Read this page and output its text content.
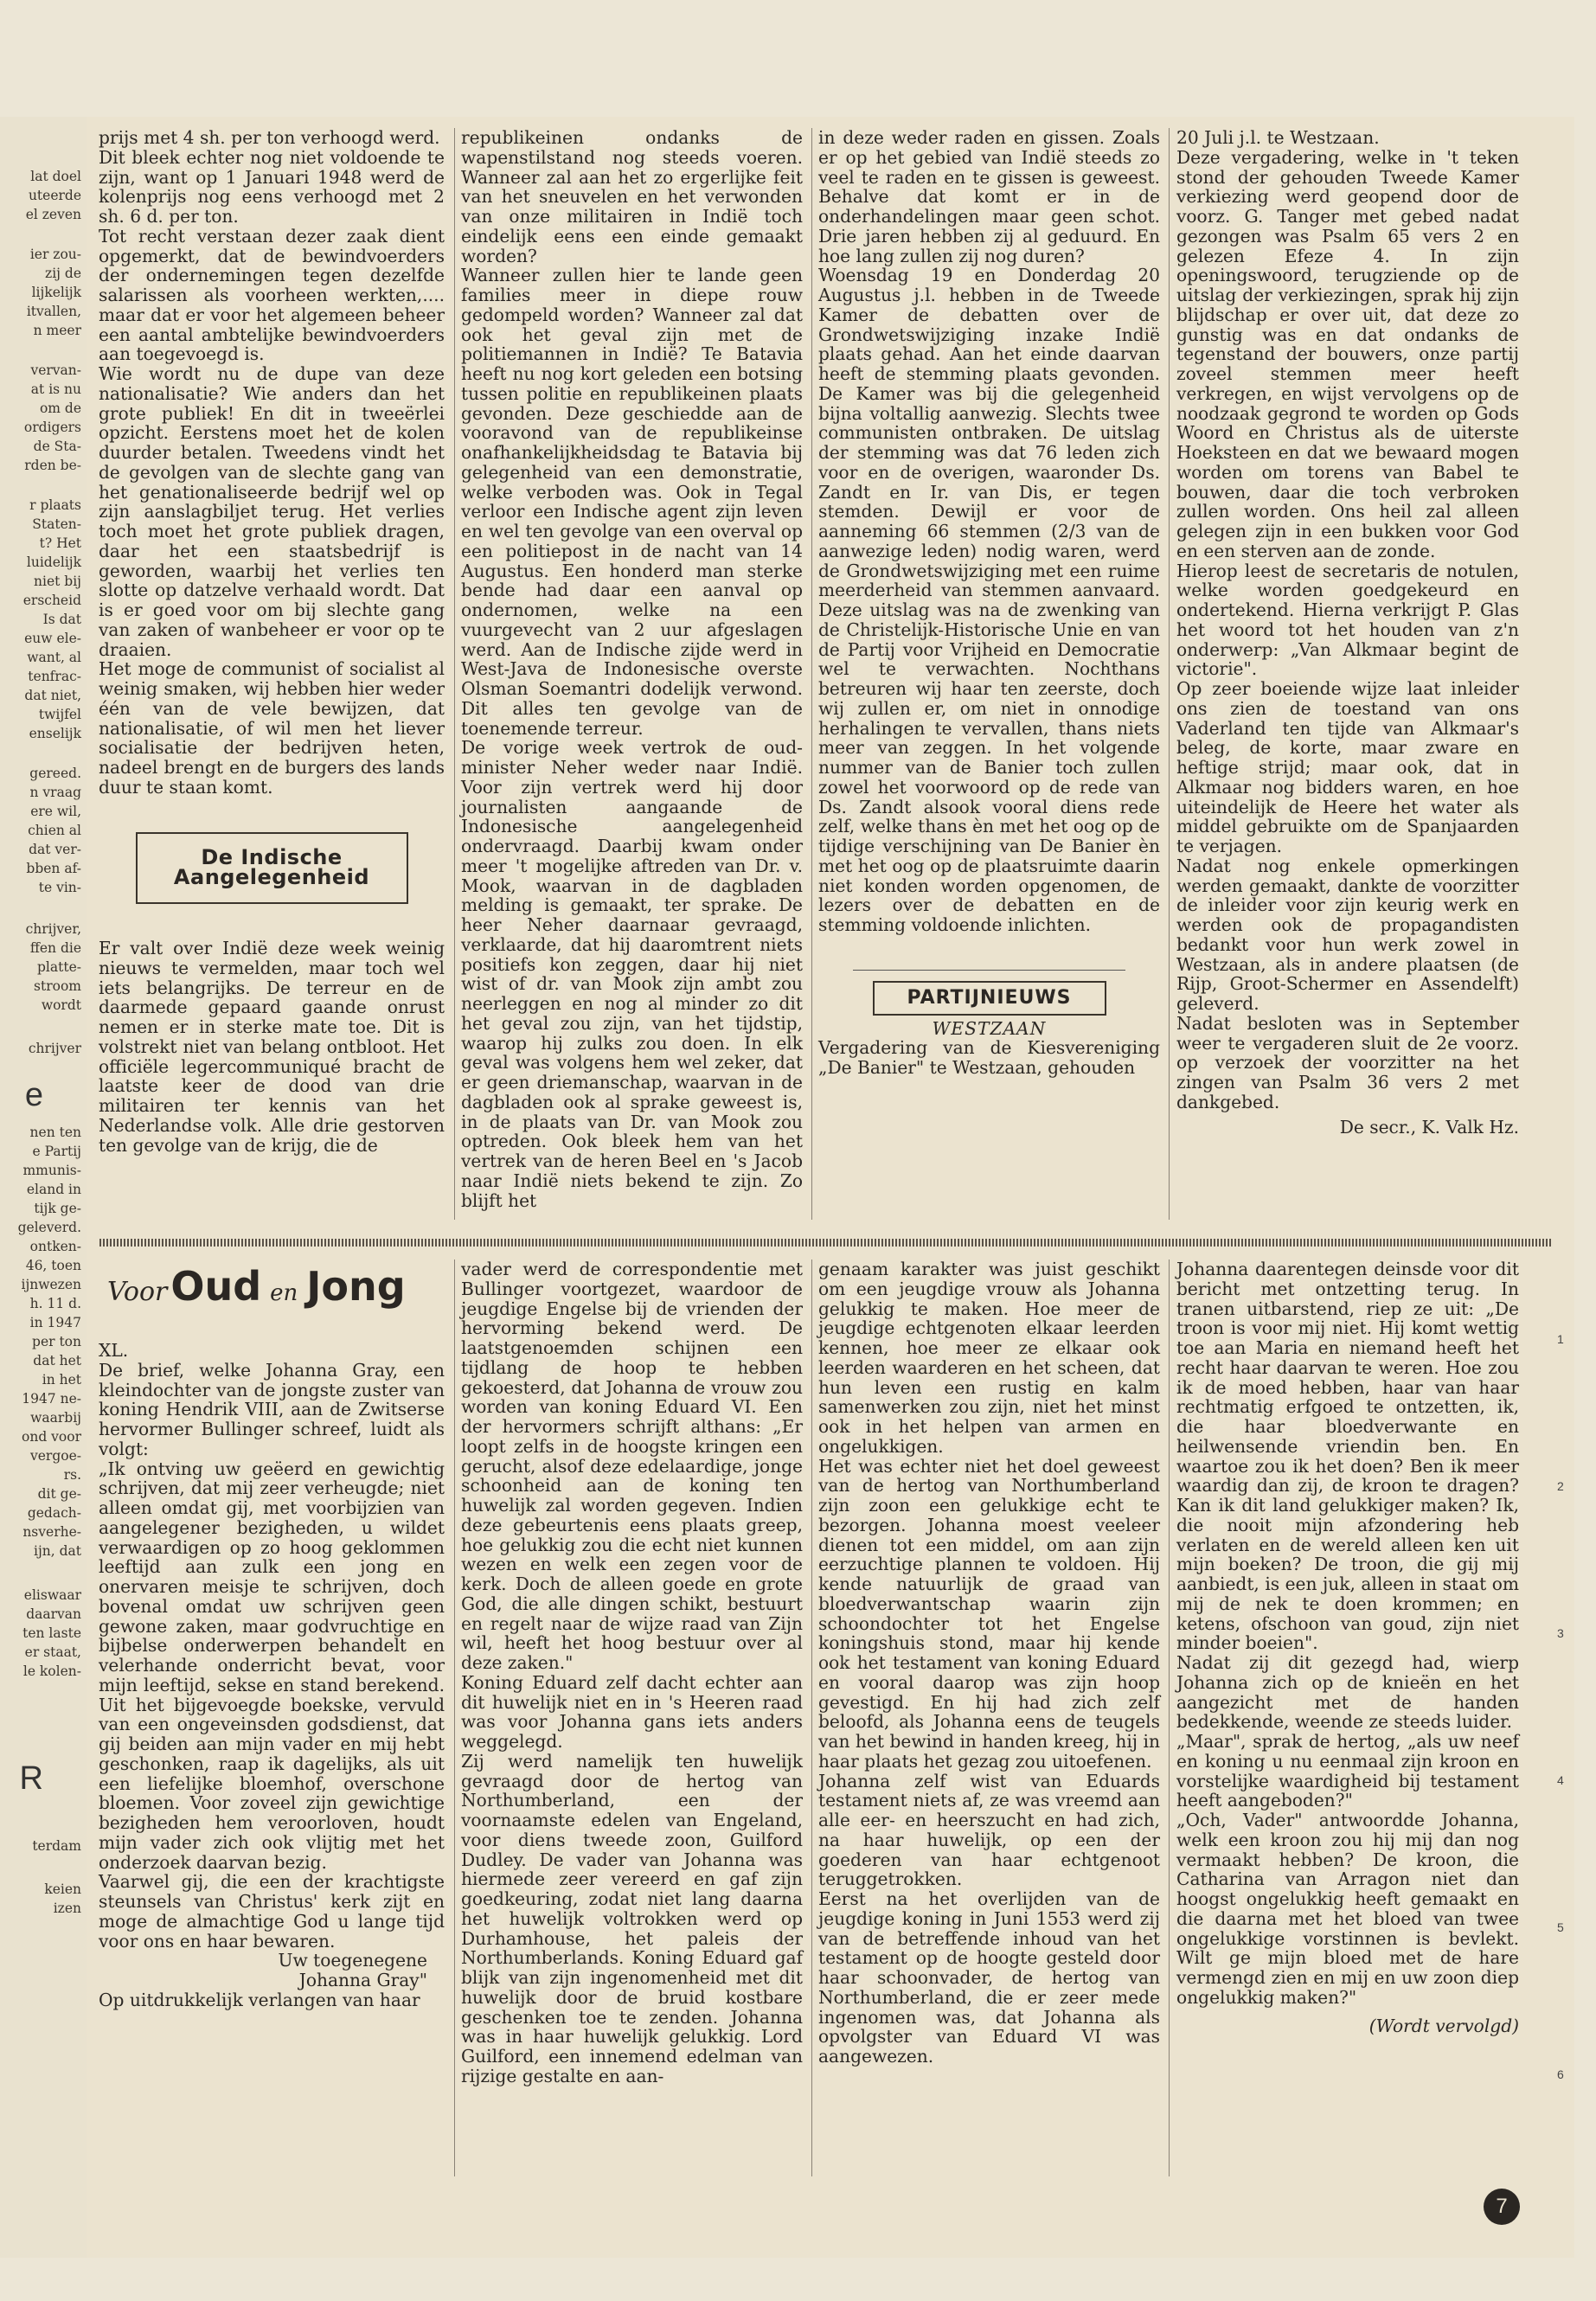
lat doel
uteerde
el zeven
ier zou-
zij de
lijkelijk
itvallen,
n meer
vervan-
at is nu
om de
ordigers
de Sta-
rden be-
r plaats
Staten-
t? Het
luidelijk
niet bij
erscheid
Is dat
euw ele-
want, al
tenfrac-
dat niet,
twijfel
enselijk
gereed.
n vraag
ere wil,
chien al
dat ver-
bben af-
te vin-
chrijver,
ffen die
platte-
stroom
wordt
chrijver
e
nen ten
e Partij
mmunis-
eland in
tijk ge-
geleverd.
ontken-
46, toen
ijnwezen
h. 11 d.
in 1947
per ton
dat het
in het
1947 ne-
waarbij
ond voor
vergoe-
rs.
dit ge-
gedach-
nsverhe-
ijn, dat
eliswaar
daarvan
ten laste
er staat,
le kolen-
R
terdam
keien
izen

prijs met 4 sh. per ton verhoogd werd.

Dit bleek echter nog niet voldoende te zijn, want op 1 Januari 1948 werd de kolenprijs nog eens verhoogd met 2 sh. 6 d. per ton.

Tot recht verstaan dezer zaak dient opgemerkt, dat de bewindvoerders der ondernemingen tegen dezelfde salarissen als voorheen werkten,.... maar dat er voor het algemeen beheer een aantal ambtelijke bewindvoerders aan toegevoegd is.

Wie wordt nu de dupe van deze nationalisatie? Wie anders dan het grote publiek! En dit in tweeërlei opzicht. Eerstens moet het de kolen duurder betalen. Tweedens vindt het de gevolgen van de slechte gang van het genationaliseerde bedrijf wel op zijn aanslagbiljet terug. Het verlies toch moet het grote publiek dragen, daar het een staatsbedrijf is geworden, waarbij het verlies ten slotte op datzelve verhaald wordt. Dat is er goed voor om bij slechte gang van zaken of wanbeheer er voor op te draaien.

Het moge de communist of socialist al weinig smaken, wij hebben hier weder één van de vele bewijzen, dat nationalisatie, of wil men het liever socialisatie der bedrijven heten, nadeel brengt en de burgers des lands duur te staan komt.

De Indische Aangelegenheid

Er valt over Indië deze week weinig nieuws te vermelden, maar toch wel iets belangrijks. De terreur en de daarmede gepaard gaande onrust nemen er in sterke mate toe. Dit is volstrekt niet van belang ontbloot. Het officiële legercommuniqué bracht de laatste keer de dood van drie militairen ter kennis van het Nederlandse volk. Alle drie gestorven ten gevolge van de krijg, die de

republikeinen ondanks de wapenstilstand nog steeds voeren. Wanneer zal aan het zo ergerlijke feit van het sneuvelen en het verwonden van onze militairen in Indië toch eindelijk eens een einde gemaakt worden?

Wanneer zullen hier te lande geen families meer in diepe rouw gedompeld worden? Wanneer zal dat ook het geval zijn met de politiemannen in Indië? Te Batavia heeft nu nog kort geleden een botsing tussen politie en republikeinen plaats gevonden. Deze geschiedde aan de vooravond van de republikeinse onafhankelijkheidsdag te Batavia bij gelegenheid van een demonstratie, welke verboden was. Ook in Tegal verloor een Indische agent zijn leven en wel ten gevolge van een overval op een politiepost in de nacht van 14 Augustus. Een honderd man sterke bende had daar een aanval op ondernomen, welke na een vuurgevecht van 2 uur afgeslagen werd. Aan de Indische zijde werd in West-Java de Indonesische overste Olsman Soemantri dodelijk verwond. Dit alles ten gevolge van de toenemende terreur.

De vorige week vertrok de oud-minister Neher weder naar Indië. Voor zijn vertrek werd hij door journalisten aangaande de Indonesische aangelegenheid ondervraagd. Daarbij kwam onder meer 't mogelijke aftreden van Dr. v. Mook, waarvan in de dagbladen melding is gemaakt, ter sprake. De heer Neher daarnaar gevraagd, verklaarde, dat hij daaromtrent niets positiefs kon zeggen, daar hij niet wist of dr. van Mook zijn ambt zou neerleggen en nog al minder zo dit het geval zou zijn, van het tijdstip, waarop hij zulks zou doen. In elk geval was volgens hem wel zeker, dat er geen driemanschap, waarvan in de dagbladen ook al sprake geweest is, in de plaats van Dr. van Mook zou optreden. Ook bleek hem van het vertrek van de heren Beel en 's Jacob naar Indië niets bekend te zijn. Zo blijft het

in deze weder raden en gissen. Zoals er op het gebied van Indië steeds zo veel te raden en te gissen is geweest. Behalve dat komt er in de onderhandelingen maar geen schot. Drie jaren hebben zij al geduurd. En hoe lang zullen zij nog duren?

Woensdag 19 en Donderdag 20 Augustus j.l. hebben in de Tweede Kamer de debatten over de Grondwetswijziging inzake Indië plaats gehad. Aan het einde daarvan heeft de stemming plaats gevonden. De Kamer was bij die gelegenheid bijna voltallig aanwezig. Slechts twee communisten ontbraken. De uitslag der stemming was dat 76 leden zich voor en de overigen, waaronder Ds. Zandt en Ir. van Dis, er tegen stemden. Dewijl er voor de aanneming 66 stemmen (2/3 van de aanwezige leden) nodig waren, werd de Grondwetswijziging met een ruime meerderheid van stemmen aanvaard. Deze uitslag was na de zwenking van de Christelijk-Historische Unie en van de Partij voor Vrijheid en Democratie wel te verwachten. Nochthans betreuren wij haar ten zeerste, doch wij zullen er, om niet in onnodige herhalingen te vervallen, thans niets meer van zeggen. In het volgende nummer van de Banier toch zullen zowel het voorwoord op de rede van Ds. Zandt alsook vooral diens rede zelf, welke thans èn met het oog op de tijdige verschijning van De Banier èn met het oog op de plaatsruimte daarin niet konden worden opgenomen, de lezers over de debatten en de stemming voldoende inlichten.

PARTIJNIEUWS

WESTZAAN

Vergadering van de Kiesvereniging „De Banier" te Westzaan, gehouden

20 Juli j.l. te Westzaan.

Deze vergadering, welke in 't teken stond der gehouden Tweede Kamer verkiezing werd geopend door de voorz. G. Tanger met gebed nadat gezongen was Psalm 65 vers 2 en gelezen Efeze 4. In zijn openingswoord, terugziende op de uitslag der verkiezingen, sprak hij zijn blijdschap er over uit, dat deze zo gunstig was en dat ondanks de tegenstand der bouwers, onze partij zoveel stemmen meer heeft verkregen, en wijst vervolgens op de noodzaak gegrond te worden op Gods Woord en Christus als de uiterste Hoeksteen en dat we bewaard mogen worden om torens van Babel te bouwen, daar die toch verbroken zullen worden. Ons heil zal alleen gelegen zijn in een bukken voor God en een sterven aan de zonde.

Hierop leest de secretaris de notulen, welke worden goedgekeurd en ondertekend. Hierna verkrijgt P. Glas het woord tot het houden van z'n onderwerp: „Van Alkmaar begint de victorie".

Op zeer boeiende wijze laat inleider ons zien de toestand van ons Vaderland ten tijde van Alkmaar's beleg, de korte, maar zware en heftige strijd; maar ook, dat in Alkmaar nog bidders waren, en hoe uiteindelijk de Heere het water als middel gebruikte om de Spanjaarden te verjagen.

Nadat nog enkele opmerkingen werden gemaakt, dankte de voorzitter de inleider voor zijn keurig werk en werden ook de propagandisten bedankt voor hun werk zowel in Westzaan, als in andere plaatsen (de Rijp, Groot-Schermer en Assendelft) geleverd.

Nadat besloten was in September weer te vergaderen sluit de 2e voorz. op verzoek der voorzitter na het zingen van Psalm 36 vers 2 met dankgebed.

De secr., K. Valk Hz.

VoorOud en Jong

XL.

De brief, welke Johanna Gray, een kleindochter van de jongste zuster van koning Hendrik VIII, aan de Zwitserse hervormer Bullinger schreef, luidt als volgt:

„Ik ontving uw geëerd en gewichtig schrijven, dat mij zeer verheugde; niet alleen omdat gij, met voorbijzien van aangelegener bezigheden, u wildet verwaardigen op zo hoog geklommen leeftijd aan zulk een jong en onervaren meisje te schrijven, doch bovenal omdat uw schrijven geen gewone zaken, maar godvruchtige en bijbelse onderwerpen behandelt en velerhande onderricht bevat, voor mijn leeftijd, sekse en stand berekend. Uit het bijgevoegde boekske, vervuld van een ongeveinsden godsdienst, dat gij beiden aan mijn vader en mij hebt geschonken, raap ik dagelijks, als uit een liefelijke bloemhof, overschone bloemen. Voor zoveel zijn gewichtige bezigheden hem veroorloven, houdt mijn vader zich ook vlijtig met het onderzoek daarvan bezig.

Vaarwel gij, die een der krachtigste steunsels van Christus' kerk zijt en moge de almachtige God u lange tijd voor ons en haar bewaren.

Uw toegenegene

Johanna Gray"

Op uitdrukkelijk verlangen van haar

vader werd de correspondentie met Bullinger voortgezet, waardoor de jeugdige Engelse bij de vrienden der hervorming bekend werd. De laatstgenoemden schijnen een tijdlang de hoop te hebben gekoesterd, dat Johanna de vrouw zou worden van koning Eduard VI. Een der hervormers schrijft althans: „Er loopt zelfs in de hoogste kringen een gerucht, alsof deze edelaardige, jonge schoonheid aan de koning ten huwelijk zal worden gegeven. Indien deze gebeurtenis eens plaats greep, hoe gelukkig zou die echt niet kunnen wezen en welk een zegen voor de kerk. Doch de alleen goede en grote God, die alle dingen schikt, bestuurt en regelt naar de wijze raad van Zijn wil, heeft het hoog bestuur over al deze zaken."

Koning Eduard zelf dacht echter aan dit huwelijk niet en in 's Heeren raad was voor Johanna gans iets anders weggelegd.

Zij werd namelijk ten huwelijk gevraagd door de hertog van Northumberland, een der voornaamste edelen van Engeland, voor diens tweede zoon, Guilford Dudley. De vader van Johanna was hiermede zeer vereerd en gaf zijn goedkeuring, zodat niet lang daarna het huwelijk voltrokken werd op Durhamhouse, het paleis der Northumberlands. Koning Eduard gaf blijk van zijn ingenomenheid met dit huwelijk door de bruid kostbare geschenken toe te zenden. Johanna was in haar huwelijk gelukkig. Lord Guilford, een innemend edelman van rijzige gestalte en aan-

genaam karakter was juist geschikt om een jeugdige vrouw als Johanna gelukkig te maken. Hoe meer de jeugdige echtgenoten elkaar leerden kennen, hoe meer ze elkaar ook leerden waarderen en het scheen, dat hun leven een rustig en kalm samenwerken zou zijn, niet het minst ook in het helpen van armen en ongelukkigen.

Het was echter niet het doel geweest van de hertog van Northumberland zijn zoon een gelukkige echt te bezorgen. Johanna moest veeleer dienen tot een middel, om aan zijn eerzuchtige plannen te voldoen. Hij kende natuurlijk de graad van bloedverwantschap waarin zijn schoondochter tot het Engelse koningshuis stond, maar hij kende ook het testament van koning Eduard en vooral daarop was zijn hoop gevestigd. En hij had zich zelf beloofd, als Johanna eens de teugels van het bewind in handen kreeg, hij in haar plaats het gezag zou uitoefenen.

Johanna zelf wist van Eduards testament niets af, ze was vreemd aan alle eer- en heerszucht en had zich, na haar huwelijk, op een der goederen van haar echtgenoot teruggetrokken.

Eerst na het overlijden van de jeugdige koning in Juni 1553 werd zij van de betreffende inhoud van het testament op de hoogte gesteld door haar schoonvader, de hertog van Northumberland, die er zeer mede ingenomen was, dat Johanna als opvolgster van Eduard VI was aangewezen.

Johanna daarentegen deinsde voor dit bericht met ontzetting terug. In tranen uitbarstend, riep ze uit: „De troon is voor mij niet. Hij komt wettig toe aan Maria en niemand heeft het recht haar daarvan te weren. Hoe zou ik de moed hebben, haar van haar rechtmatig erfgoed te ontzetten, ik, die haar bloedverwante en heilwensende vriendin ben. En waartoe zou ik het doen? Ben ik meer waardig dan zij, de kroon te dragen? Kan ik dit land gelukkiger maken? Ik, die nooit mijn afzondering heb verlaten en de wereld alleen ken uit mijn boeken? De troon, die gij mij aanbiedt, is een juk, alleen in staat om mij de nek te doen krommen; en ketens, ofschoon van goud, zijn niet minder boeien".

Nadat zij dit gezegd had, wierp Johanna zich op de knieën en het aangezicht met de handen bedekkende, weende ze steeds luider.

„Maar", sprak de hertog, „als uw neef en koning u nu eenmaal zijn kroon en vorstelijke waardigheid bij testament heeft aangeboden?"

„Och, Vader" antwoordde Johanna, welk een kroon zou hij mij dan nog vermaakt hebben? De kroon, die Catharina van Arragon niet dan hoogst ongelukkig heeft gemaakt en die daarna met het bloed van twee ongelukkige vorstinnen is bevlekt. Wilt ge mijn bloed met de hare vermengd zien en mij en uw zoon diep ongelukkig maken?"

(Wordt vervolgd)

7
1
2
3
4
5
6
